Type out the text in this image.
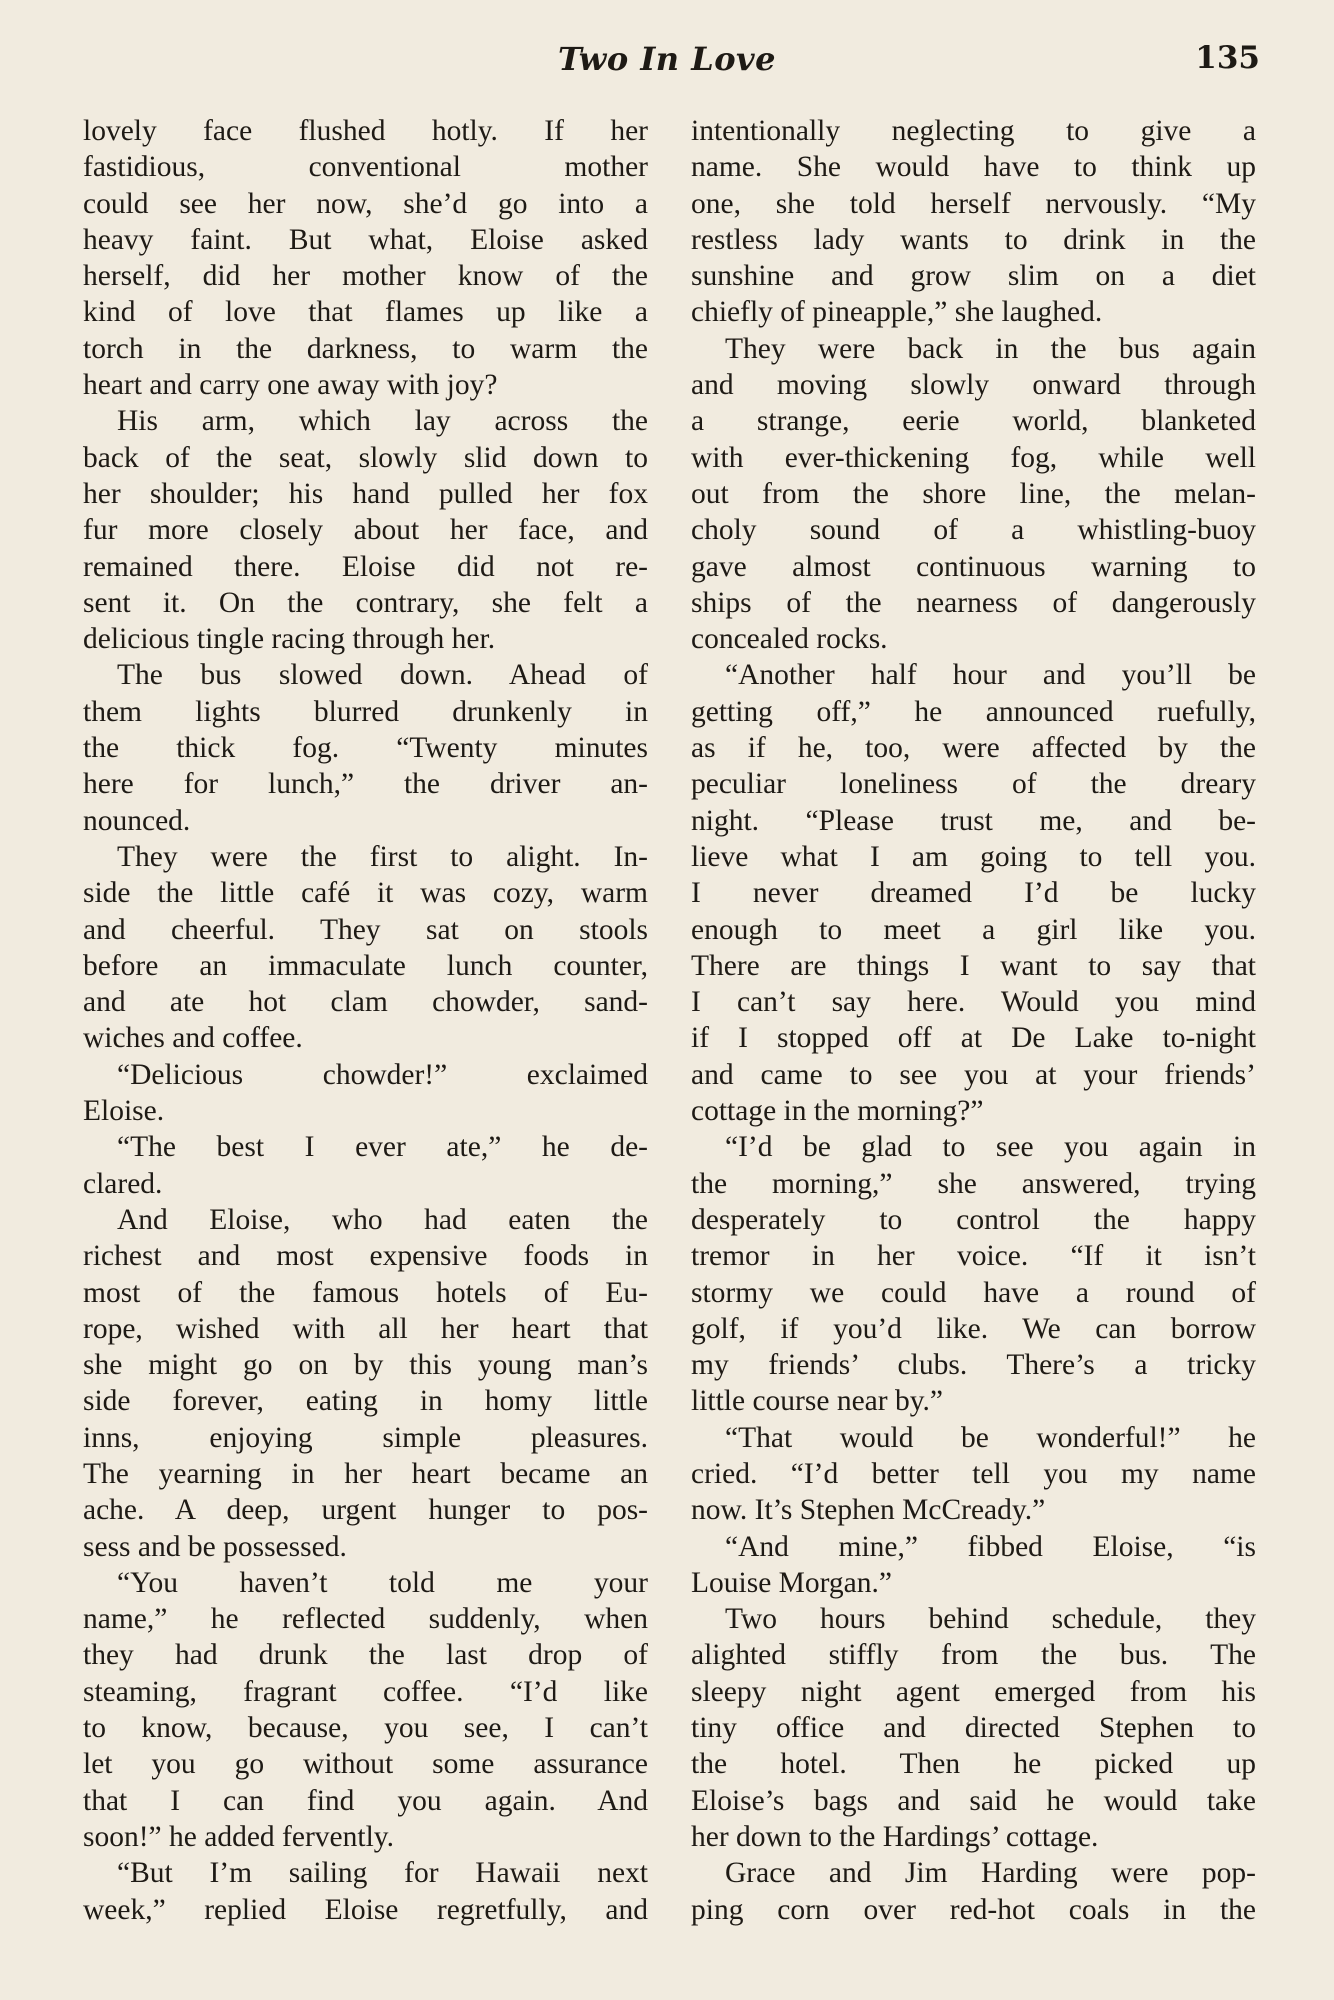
Two In Love	135
lovely face flushed hotly. If her
fastidious, conventional mother
could see her now, she’d go into a
heavy faint. But what, Eloise asked
herself, did her mother know of the
kind of love that flames up like a
torch in the darkness, to warm the
heart and carry one away with joy?
His arm, which lay across the
back of the seat, slowly slid down to
her shoulder; his hand pulled her fox
fur more closely about her face, and
remained there. Eloise did not re-
sent it. On the contrary, she felt a
delicious tingle racing through her.
The bus slowed down. Ahead of
them lights blurred drunkenly in
the thick fog. “Twenty minutes
here for lunch,” the driver an-
nounced.
They were the first to alight. In-
side the little café it was cozy, warm
and cheerful. They sat on stools
before an immaculate lunch counter,
and ate hot clam chowder, sand-
wiches and coffee.
“Delicious chowder!” exclaimed
Eloise.
“The best I ever ate,” he de-
clared.
And Eloise, who had eaten the
richest and most expensive foods in
most of the famous hotels of Eu-
rope, wished with all her heart that
she might go on by this young man’s
side forever, eating in homy little
inns, enjoying simple pleasures.
The yearning in her heart became an
ache. A deep, urgent hunger to pos-
sess and be possessed.
“You haven’t told me your
name,” he reflected suddenly, when
they had drunk the last drop of
steaming, fragrant coffee. “I’d like
to know, because, you see, I can’t
let you go without some assurance
that I can find you again. And
soon!” he added fervently.
“But I’m sailing for Hawaii next
week,” replied Eloise regretfully, and
intentionally neglecting to give a
name. She would have to think up
one, she told herself nervously. “My
restless lady wants to drink in the
sunshine and grow slim on a diet
chiefly of pineapple,” she laughed.
They were back in the bus again
and moving slowly onward through
a strange, eerie world, blanketed
with ever-thickening fog, while well
out from the shore line, the melan-
choly sound of a whistling-buoy
gave almost continuous warning to
ships of the nearness of dangerously
concealed rocks.
“Another half hour and you’ll be
getting off,” he announced ruefully,
as if he, too, were affected by the
peculiar loneliness of the dreary
night. “Please trust me, and be-
lieve what I am going to tell you.
I never dreamed I’d be lucky
enough to meet a girl like you.
There are things I want to say that
I can’t say here. Would you mind
if I stopped off at De Lake to-night
and came to see you at your friends’
cottage in the morning?”
“I’d be glad to see you again in
the morning,” she answered, trying
desperately to control the happy
tremor in her voice. “If it isn’t
stormy we could have a round of
golf, if you’d like. We can borrow
my friends’ clubs. There’s a tricky
little course near by.”
“That would be wonderful!” he
cried. “I’d better tell you my name
now. It’s Stephen McCready.”
“And mine,” fibbed Eloise, “is
Louise Morgan.”
Two hours behind schedule, they
alighted stiffly from the bus. The
sleepy night agent emerged from his
tiny office and directed Stephen to
the hotel. Then he picked up
Eloise’s bags and said he would take
her down to the Hardings’ cottage.
Grace and Jim Harding were pop-
ping corn over red-hot coals in the
